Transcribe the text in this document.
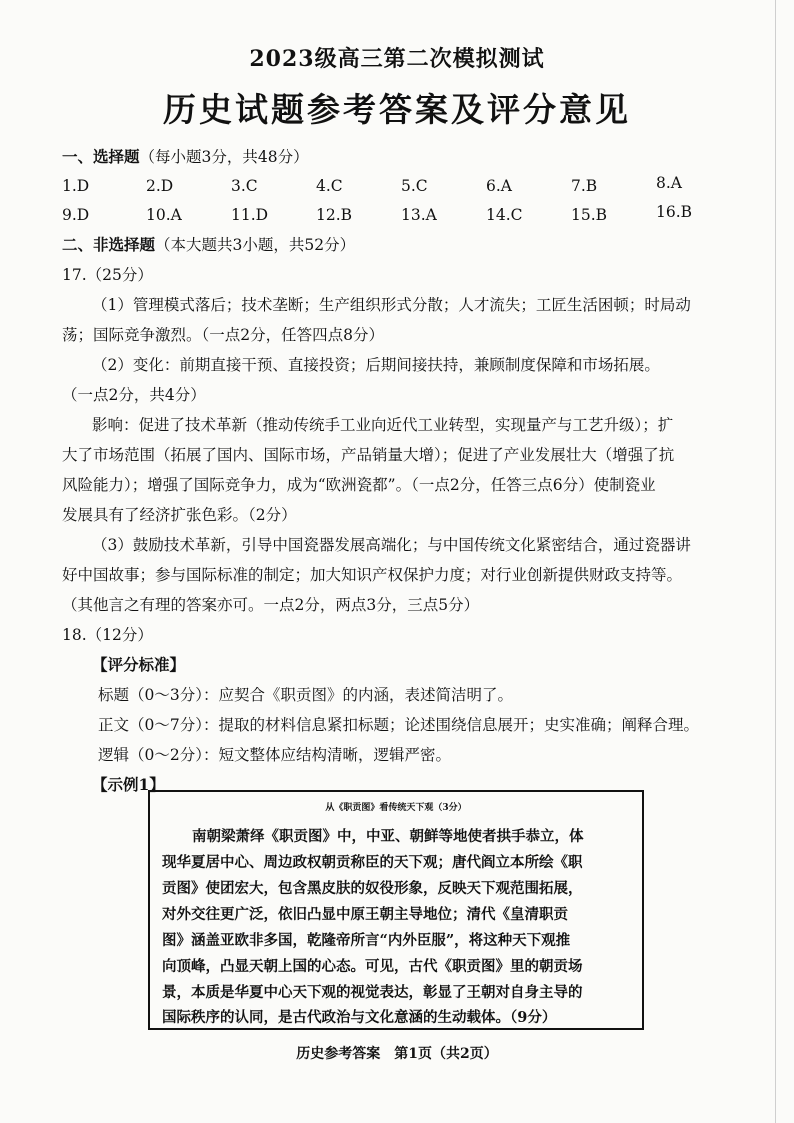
2023级高三第二次模拟测试
历史试题参考答案及评分意见
一、选择题（每小题3分，共48分）
1.D	2.D	3.C	4.C	5.C	6.A	7.B	8.A
9.D	10.A	11.D	12.B	13.A	14.C	15.B	16.B
二、非选择题（本大题共3小题，共52分）
17.（25分）
（1）管理模式落后；技术垄断；生产组织形式分散；人才流失；工匠生活困顿；时局动
荡；国际竞争激烈。（一点2分，任答四点8分）
（2）变化：前期直接干预、直接投资；后期间接扶持，兼顾制度保障和市场拓展。
（一点2分，共4分）
影响：促进了技术革新（推动传统手工业向近代工业转型，实现量产与工艺升级）；扩
大了市场范围（拓展了国内、国际市场，产品销量大增）；促进了产业发展壮大（增强了抗
风险能力）；增强了国际竞争力，成为“欧洲瓷都”。（一点2分，任答三点6分）使制瓷业
发展具有了经济扩张色彩。（2分）
（3）鼓励技术革新，引导中国瓷器发展高端化；与中国传统文化紧密结合，通过瓷器讲
好中国故事；参与国际标准的制定；加大知识产权保护力度；对行业创新提供财政支持等。
（其他言之有理的答案亦可。一点2分，两点3分，三点5分）
18.（12分）
【评分标准】
标题（0～3分）：应契合《职贡图》的内涵，表述简洁明了。
正文（0～7分）：提取的材料信息紧扣标题；论述围绕信息展开；史实准确；阐释合理。
逻辑（0～2分）：短文整体应结构清晰，逻辑严密。
【示例1】
从《职贡图》看传统天下观（3分）
南朝梁萧绎《职贡图》中，中亚、朝鲜等地使者拱手恭立，体
现华夏居中心、周边政权朝贡称臣的天下观；唐代阎立本所绘《职
贡图》使团宏大，包含黑皮肤的奴役形象，反映天下观范围拓展，
对外交往更广泛，依旧凸显中原王朝主导地位；清代《皇清职贡
图》涵盖亚欧非多国，乾隆帝所言“内外臣服”，将这种天下观推
向顶峰，凸显天朝上国的心态。可见，古代《职贡图》里的朝贡场
景，本质是华夏中心天下观的视觉表达，彰显了王朝对自身主导的
国际秩序的认同，是古代政治与文化意涵的生动载体。（9分）
历史参考答案　第1页（共2页）
